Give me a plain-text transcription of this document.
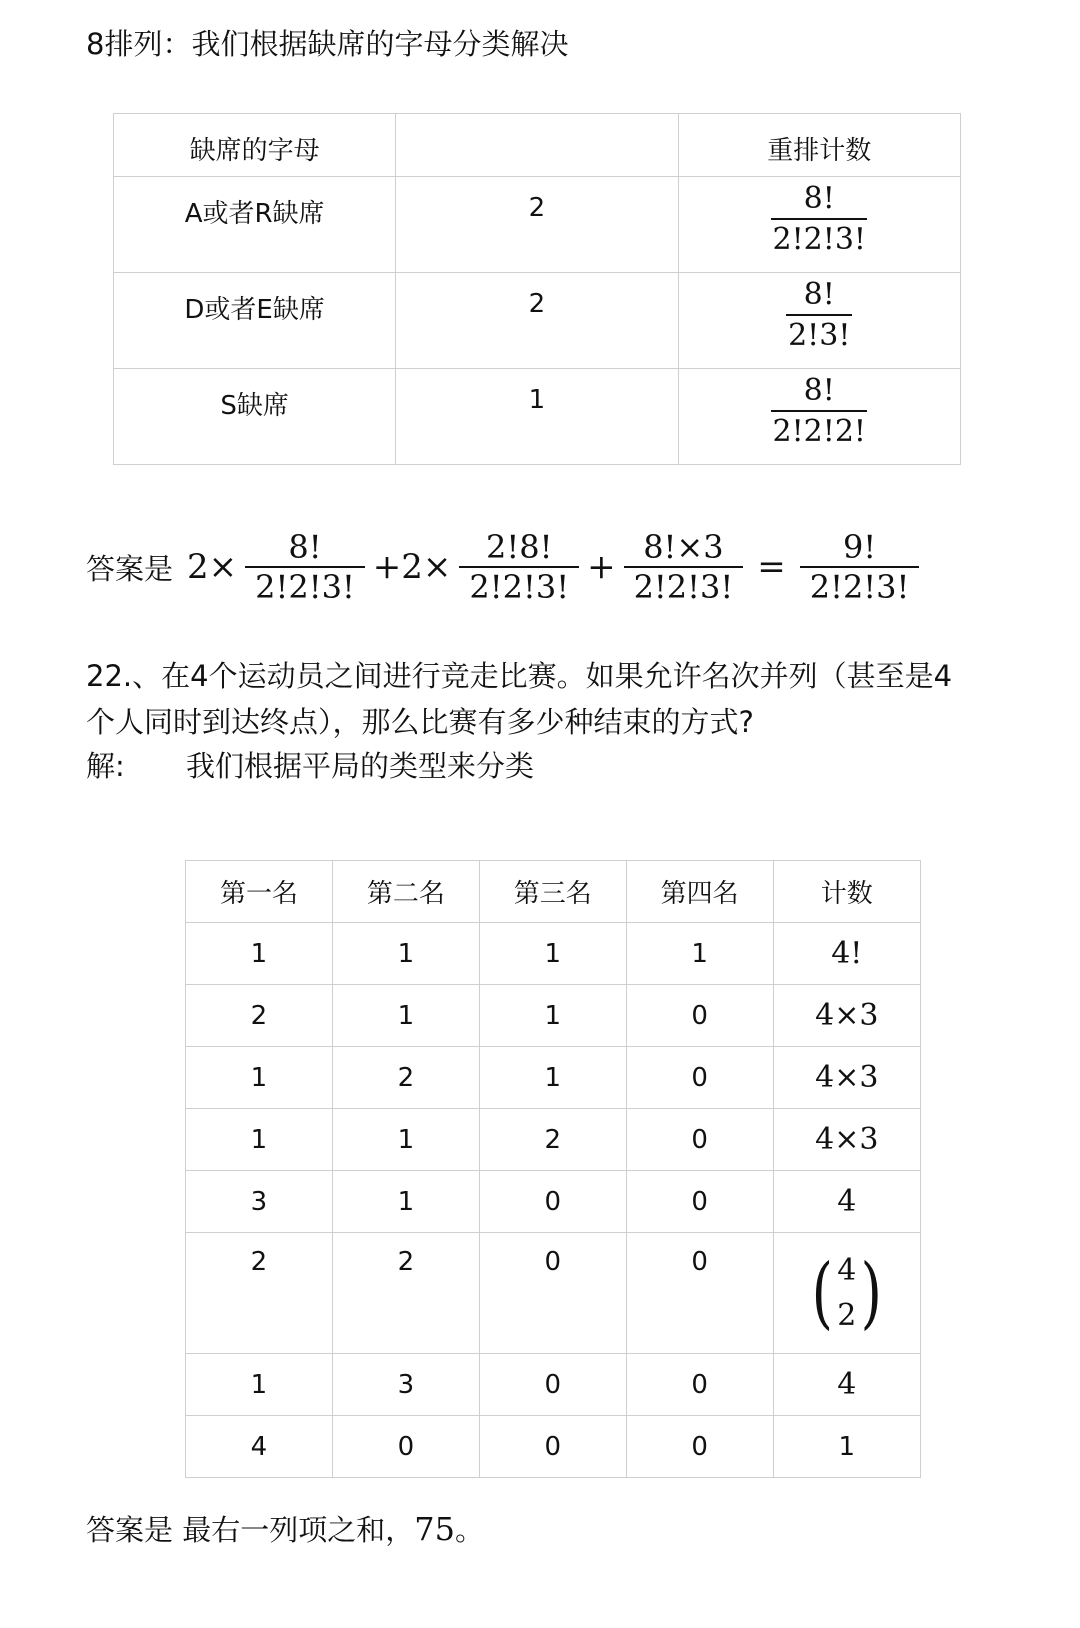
8排列：我们根据缺席的字母分类解决
缺席的字母		重排计数
A或者R缺席	2	$\frac{8!}{2!2!3!}$

D或者E缺席	2	$\frac{8!}{2!3!}$

S缺席	1	$\frac{8!}{2!2!2!}$
答案是 $2\times \frac{8!}{2!2!3!} +2\times \frac{2!8!}{2!2!3!} + \frac{8!\times 3}{2!2!3!} = \frac{9!}{2!2!3!}$
22.、在4个运动员之间进行竞走比赛。如果允许名次并列（甚至是4
个人同时到达终点），那么比赛有多少种结束的方式?
解: 我们根据平局的类型来分类
第一名	第二名	第三名	第四名	计数
1	1	1	1	4!
2	1	1	0	4×3
1	2	1	0	4×3
1	1	2	0	4×3
3	1	0	0	4
2	2	0	0	( 4
2 )

1	3	0	0	4
4	0	0	0	1
答案是 最右一列项之和，75。
